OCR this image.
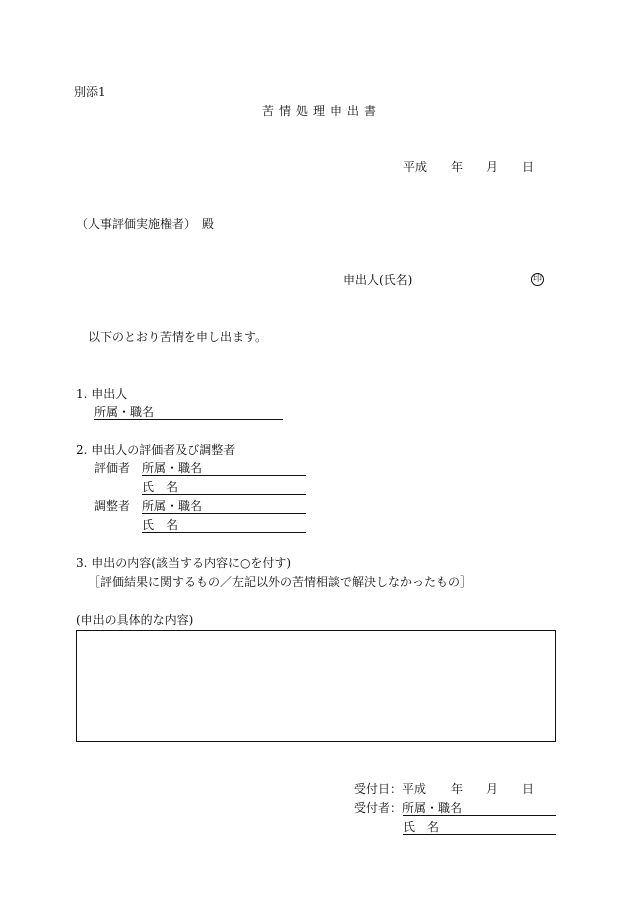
別添1
苦情処理申出書
平成 年 月 日
（人事評価実施権者）　殿
申出人(氏名)	印
以下のとおり苦情を申し出ます。
1. 申出人
所属・職名
2. 申出人の評価者及び調整者
評価者 所属・職名
氏　名
調整者 所属・職名
氏　名
3. 申出の内容(該当する内容に○を付す)
［評価結果に関するもの／左記以外の苦情相談で解決しなかったもの］
(申出の具体的な内容)
受付日：平成 年 月 日
受付者：所属・職名
氏　名
